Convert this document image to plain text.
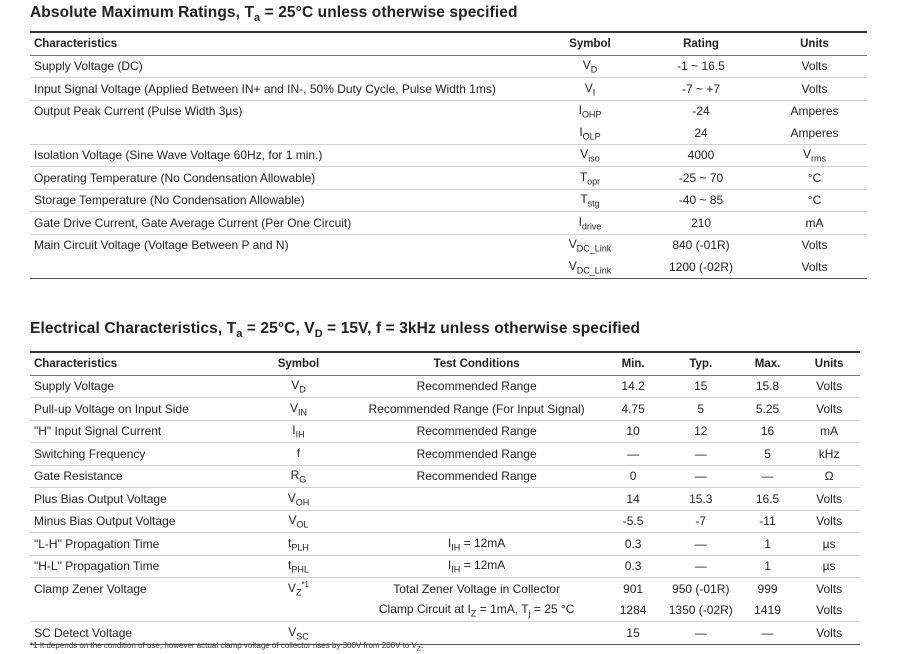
Absolute Maximum Ratings, $T_a = 25^\circ C$ unless otherwise specified
Characteristics	Symbol	Rating	Units
Supply Voltage (DC)	$V_D$	-1 ~ 16.5	Volts
Input Signal Voltage (Applied Between IN+ and IN-, 50% Duty Cycle, Pulse Width 1ms)	$V_I$	-7 ~ +7	Volts
Output Peak Current (Pulse Width 3µs)	$I_{OHP}$	-24	Amperes
	$I_{OLP}$	24	Amperes
Isolation Voltage (Sine Wave Voltage 60Hz, for 1 min.)	$V_{iso}$	4000	$V_{rms}$
Operating Temperature (No Condensation Allowable)	$T_{opr}$	-25 ~ 70	°C
Storage Temperature (No Condensation Allowable)	$T_{stg}$	-40 ~ 85	°C
Gate Drive Current, Gate Average Current (Per One Circuit)	$I_{drive}$	210	mA
Main Circuit Voltage (Voltage Between P and N)	$V_{DC\_Link}$	840 (-01R)	Volts
	$V_{DC\_Link}$	1200 (-02R)	Volts
Electrical Characteristics, $T_a = 25^\circ C$, $V_D = 15V$, f = 3kHz unless otherwise specified
Characteristics	Symbol	Test Conditions	Min.	Typ.	Max.	Units
Supply Voltage	$V_D$	Recommended Range	14.2	15	15.8	Volts
Pull-up Voltage on Input Side	$V_{IN}$	Recommended Range (For Input Signal)	4.75	5	5.25	Volts
"H" Input Signal Current	$I_{IH}$	Recommended Range	10	12	16	mA
Switching Frequency	f	Recommended Range	—	—	5	kHz
Gate Resistance	$R_G$	Recommended Range	0	—	—	Ω
Plus Bias Output Voltage	$V_{OH}$		14	15.3	16.5	Volts
Minus Bias Output Voltage	$V_{OL}$		-5.5	-7	-11	Volts
"L-H" Propagation Time	$t_{PLH}$	$I_{IH} = 12mA$	0.3	—	1	µs
"H-L" Propagation Time	$t_{PHL}$	$I_{IH} = 12mA$	0.3	—	1	µs
Clamp Zener Voltage	$V_Z^{*1}$	Total Zener Voltage in Collector	901	950 (-01R)	999	Volts
		Clamp Circuit at $I_Z = 1mA$, $T_j = 25$ °C	1284	1350 (-02R)	1419	Volts
SC Detect Voltage	$V_{SC}$		15	—	—	Volts
*1 It depends on the condition of use, however actual clamp voltage of collector rises by 300V from 200V to $V_Z$.
